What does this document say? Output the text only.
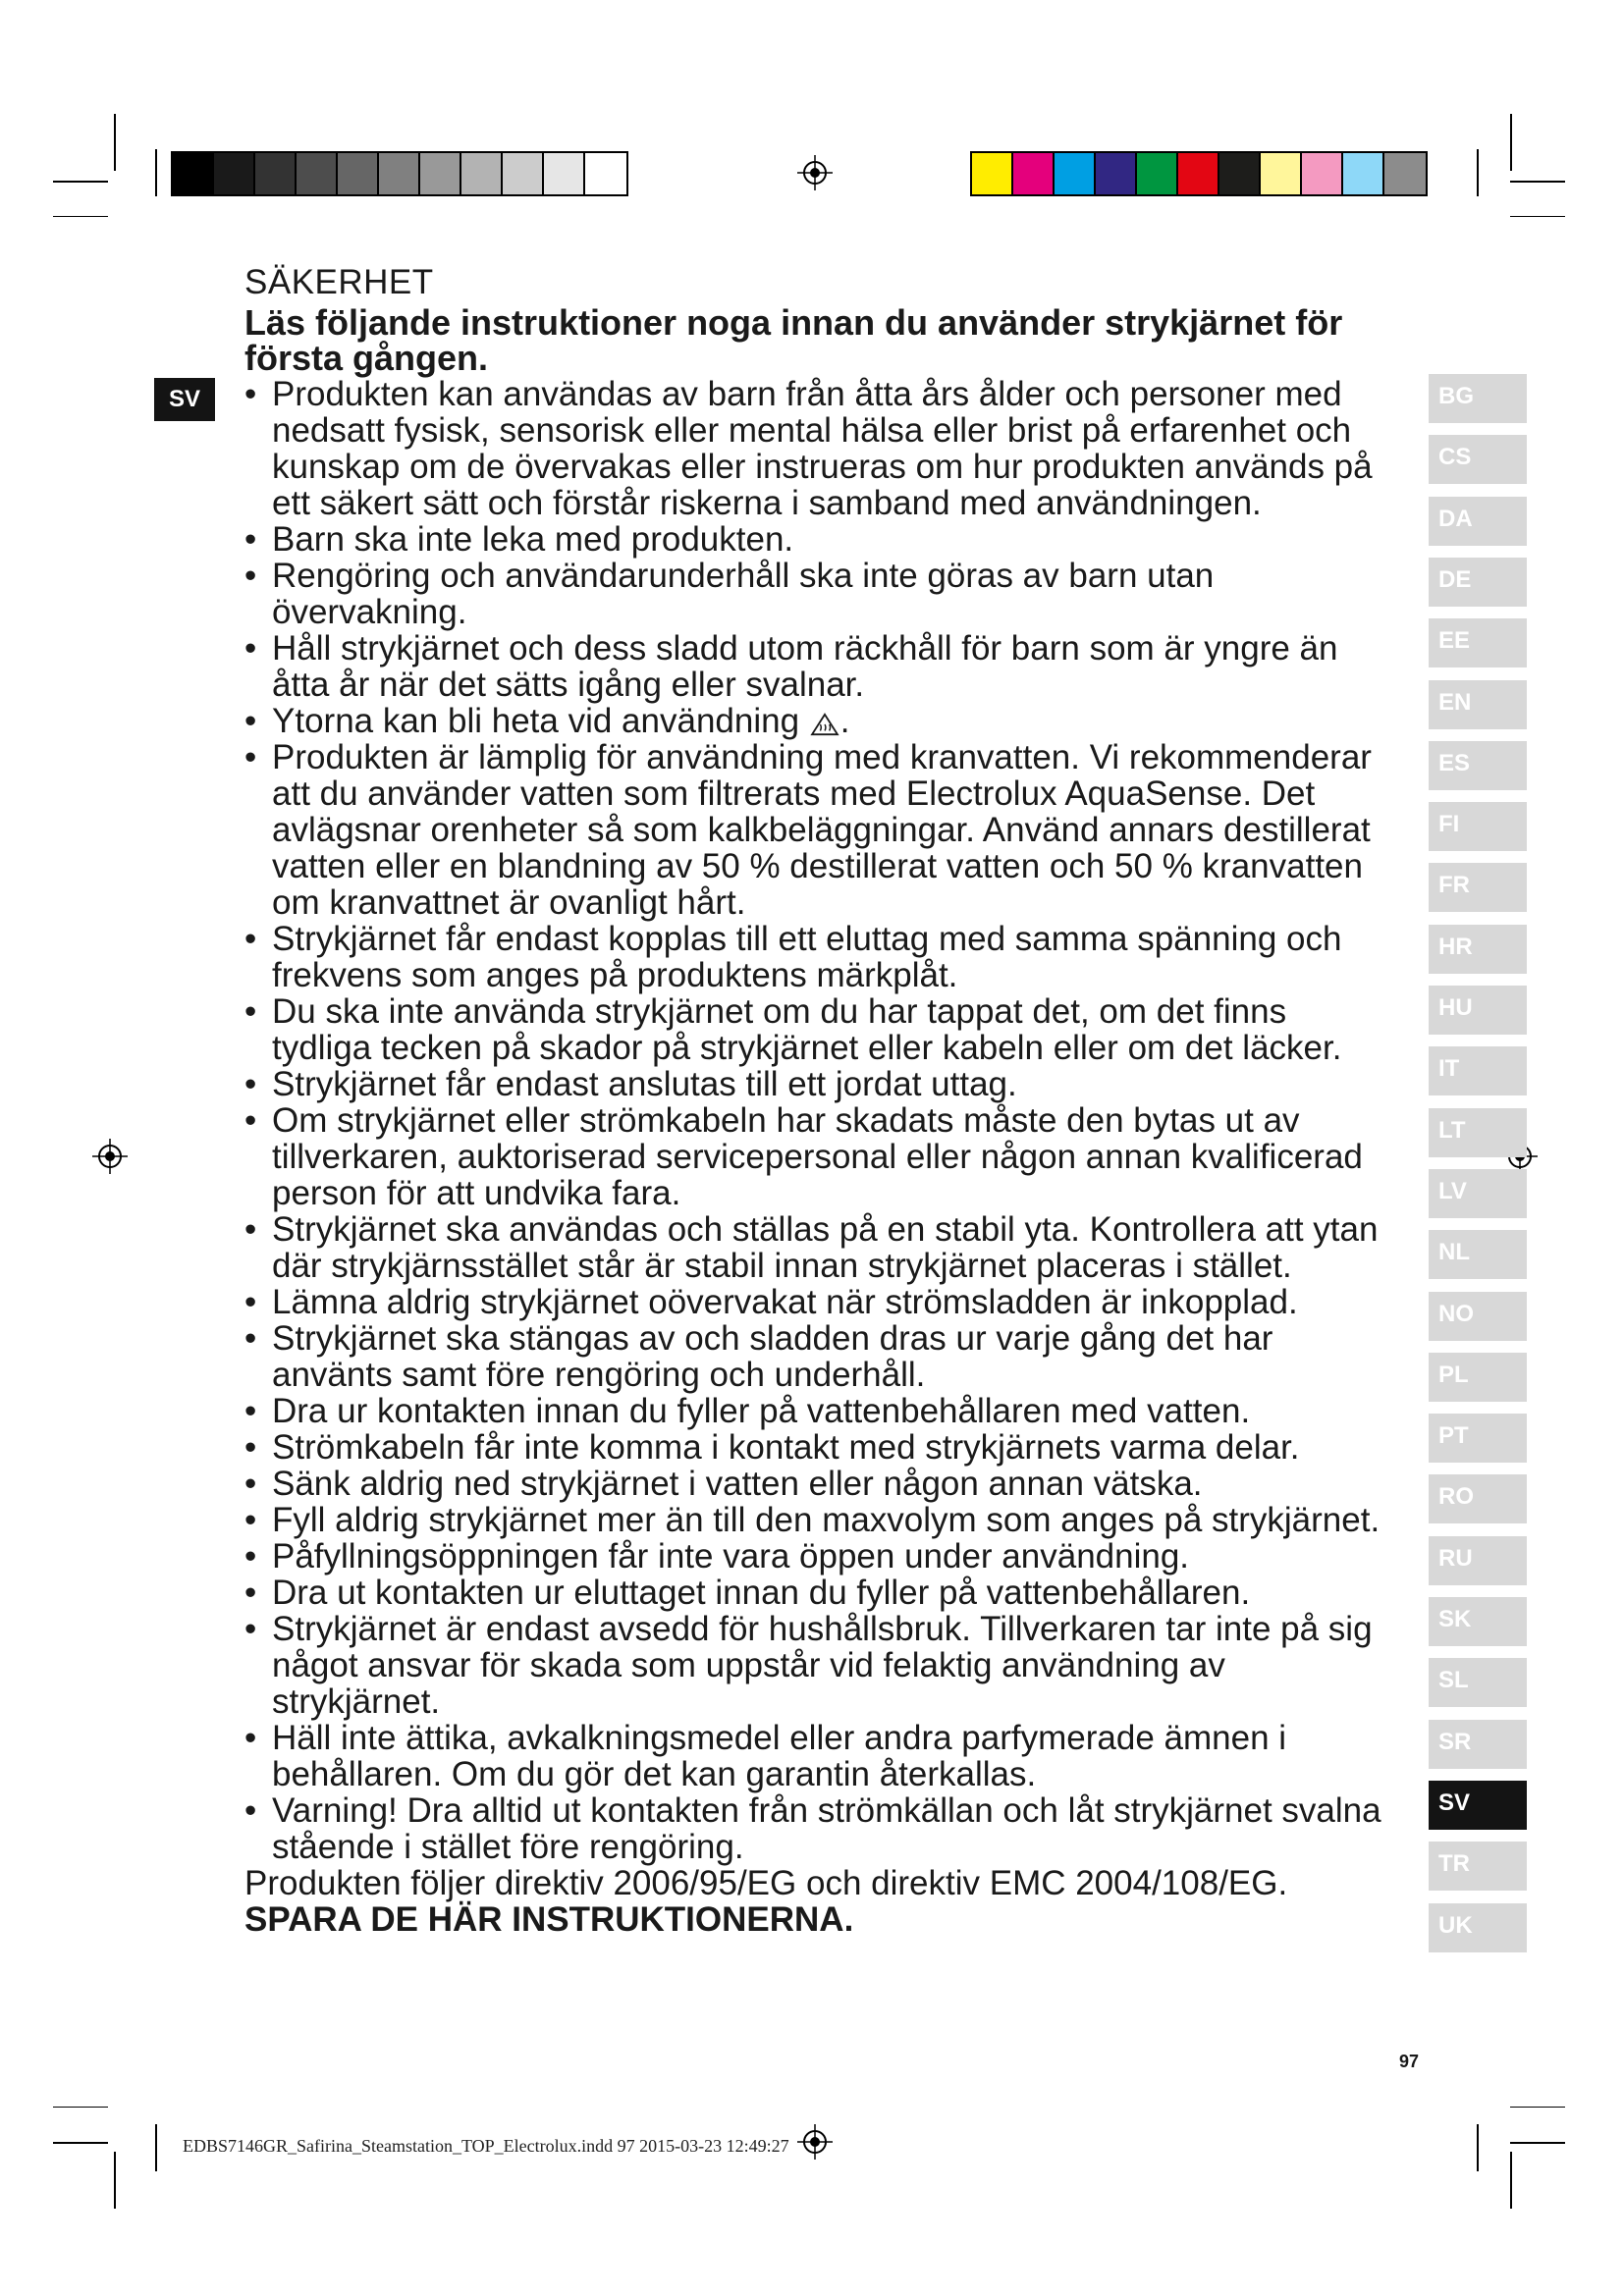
SV
SÄKERHET
Läs följande instruktioner noga innan du använder strykjärnet för första gången.
• Produkten kan användas av barn från åtta års ålder och personer med nedsatt fysisk, sensorisk eller mental hälsa eller brist på erfarenhet och kunskap om de övervakas eller instrueras om hur produkten används på ett säkert sätt och förstår riskerna i samband med användningen.
• Barn ska inte leka med produkten.
• Rengöring och användarunderhåll ska inte göras av barn utan övervakning.
• Håll strykjärnet och dess sladd utom räckhåll för barn som är yngre än åtta år när det sätts igång eller svalnar.
• Ytorna kan bli heta vid användning .
• Produkten är lämplig för användning med kranvatten. Vi rekommenderar att du använder vatten som filtrerats med Electrolux AquaSense. Det avlägsnar orenheter så som kalkbeläggningar. Använd annars destillerat vatten eller en blandning av 50 % destillerat vatten och 50 % kranvatten om kranvattnet är ovanligt hårt.
• Strykjärnet får endast kopplas till ett eluttag med samma spänning och frekvens som anges på produktens märkplåt.
• Du ska inte använda strykjärnet om du har tappat det, om det finns tydliga tecken på skador på strykjärnet eller kabeln eller om det läcker.
• Strykjärnet får endast anslutas till ett jordat uttag.
• Om strykjärnet eller strömkabeln har skadats måste den bytas ut av tillverkaren, auktoriserad servicepersonal eller någon annan kvalificerad person för att undvika fara.
• Strykjärnet ska användas och ställas på en stabil yta. Kontrollera att ytan där strykjärnsstället står är stabil innan strykjärnet placeras i stället.
• Lämna aldrig strykjärnet oövervakat när strömsladden är inkopplad.
• Strykjärnet ska stängas av och sladden dras ur varje gång det har använts samt före rengöring och underhåll.
• Dra ur kontakten innan du fyller på vattenbehållaren med vatten.
• Strömkabeln får inte komma i kontakt med strykjärnets varma delar.
• Sänk aldrig ned strykjärnet i vatten eller någon annan vätska.
• Fyll aldrig strykjärnet mer än till den maxvolym som anges på strykjärnet.
• Påfyllningsöppningen får inte vara öppen under användning.
• Dra ut kontakten ur eluttaget innan du fyller på vattenbehållaren.
• Strykjärnet är endast avsedd för hushållsbruk. Tillverkaren tar inte på sig något ansvar för skada som uppstår vid felaktig användning av strykjärnet.
• Häll inte ättika, avkalkningsmedel eller andra parfymerade ämnen i behållaren. Om du gör det kan garantin återkallas.
• Varning! Dra alltid ut kontakten från strömkällan och låt strykjärnet svalna stående i stället före rengöring.
Produkten följer direktiv 2006/95/EG och direktiv EMC 2004/108/EG.
SPARA DE HÄR INSTRUKTIONERNA.
BG
CS
DA
DE
EE
EN
ES
FI
FR
HR
HU
IT
LT
LV
NL
NO
PL
PT
RO
RU
SK
SL
SR
SV
TR
UK
97
EDBS7146GR_Safirina_Steamstation_TOP_Electrolux.indd 97 2015-03-23 12:49:27
